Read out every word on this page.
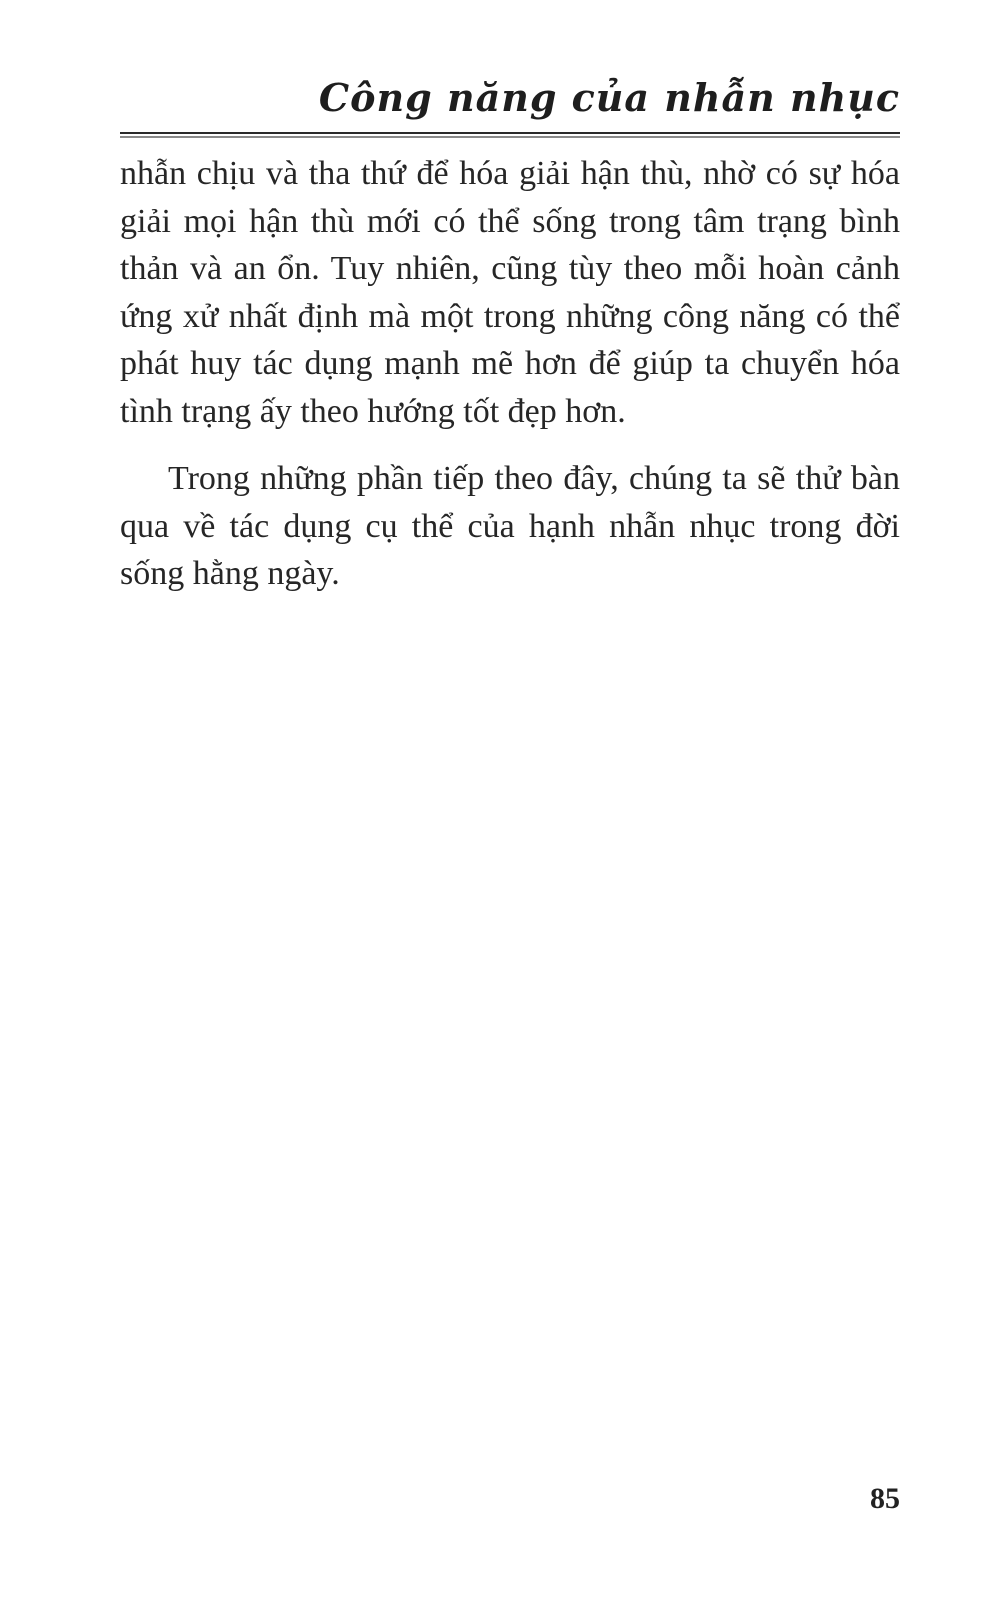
Công năng của nhẫn nhục

nhẫn chịu và tha thứ để hóa giải hận thù, nhờ có sự hóa giải mọi hận thù mới có thể sống trong tâm trạng bình thản và an ổn. Tuy nhiên, cũng tùy theo mỗi hoàn cảnh ứng xử nhất định mà một trong những công năng có thể phát huy tác dụng mạnh mẽ hơn để giúp ta chuyển hóa tình trạng ấy theo hướng tốt đẹp hơn.

Trong những phần tiếp theo đây, chúng ta sẽ thử bàn qua về tác dụng cụ thể của hạnh nhẫn nhục trong đời sống hằng ngày.

85
